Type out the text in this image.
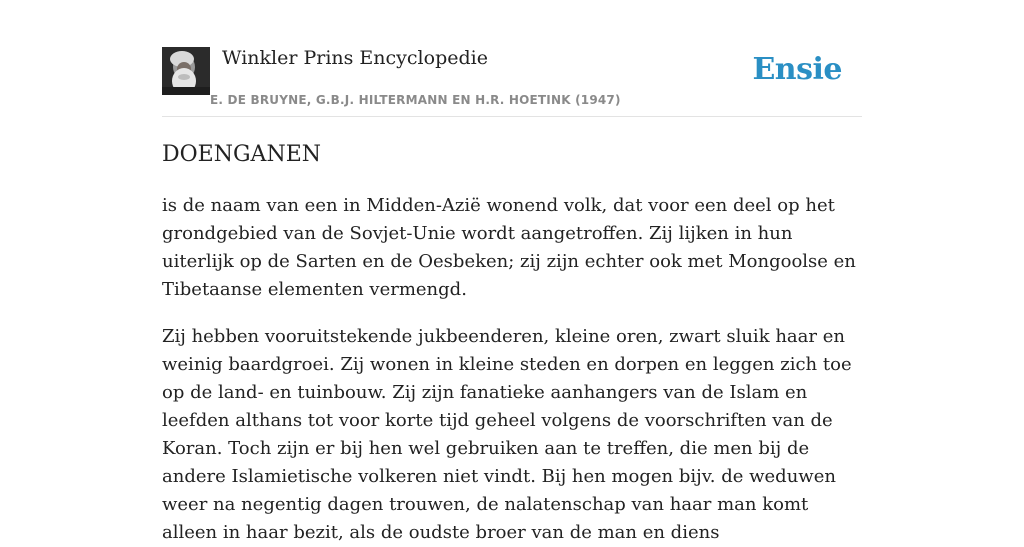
Winkler Prins Encyclopedie
E. DE BRUYNE, G.B.J. HILTERMANN EN H.R. HOETINK (1947)
Ensie
DOENGANEN

is de naam van een in Midden-Azië wonend volk, dat voor een deel op het grondgebied van de Sovjet-Unie wordt aangetroffen. Zij lijken in hun uiterlijk op de Sarten en de Oesbeken; zij zijn echter ook met Mongoolse en Tibetaanse elementen vermengd.

Zij hebben vooruitstekende jukbeenderen, kleine oren, zwart sluik haar en weinig baardgroei. Zij wonen in kleine steden en dorpen en leggen zich toe op de land- en tuinbouw. Zij zijn fanatieke aanhangers van de Islam en leefden althans tot voor korte tijd geheel volgens de voorschriften van de Koran. Toch zijn er bij hen wel gebruiken aan te treffen, die men bij de andere Islamietische volkeren niet vindt. Bij hen mogen bijv. de weduwen weer na negentig dagen trouwen, de nalatenschap van haar man komt alleen in haar bezit, als de oudste broer van de man en diens
